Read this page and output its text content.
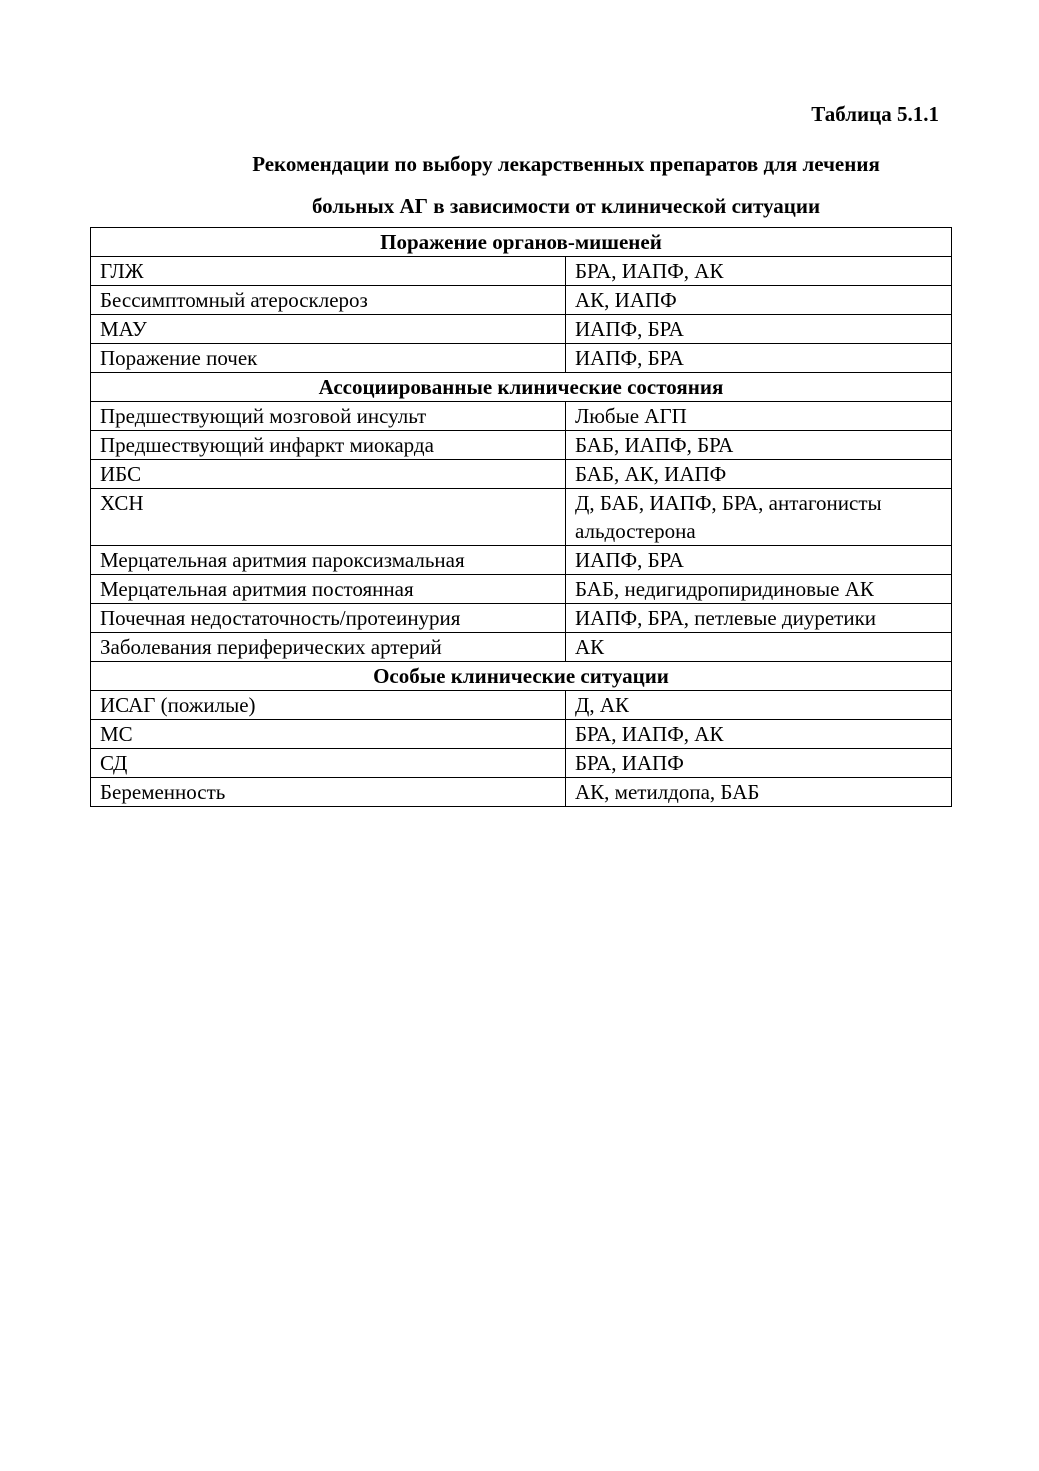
Таблица 5.1.1
Рекомендации по выбору лекарственных препаратов для лечения
больных АГ в зависимости от клинической ситуации
Поражение органов-мишеней	
ГЛЖ	БРА, ИАПФ, АК
Бессимптомный атеросклероз	АК, ИАПФ
МАУ	ИАПФ, БРА
Поражение почек	ИАПФ, БРА
Ассоциированные клинические состояния	
Предшествующий мозговой инсульт	Любые АГП
Предшествующий инфаркт миокарда	БАБ, ИАПФ, БРА
ИБС	БАБ, АК, ИАПФ
ХСН	Д, БАБ, ИАПФ, БРА, антагонисты альдостерона
Мерцательная аритмия пароксизмальная	ИАПФ, БРА
Мерцательная аритмия постоянная	БАБ, недигидропиридиновые АК
Почечная недостаточность/протеинурия	ИАПФ, БРА, петлевые диуретики
Заболевания периферических артерий	АК
Особые клинические ситуации	
ИСАГ (пожилые)	Д, АК
МС	БРА, ИАПФ, АК
СД	БРА, ИАПФ
Беременность	АК, метилдопа, БАБ
